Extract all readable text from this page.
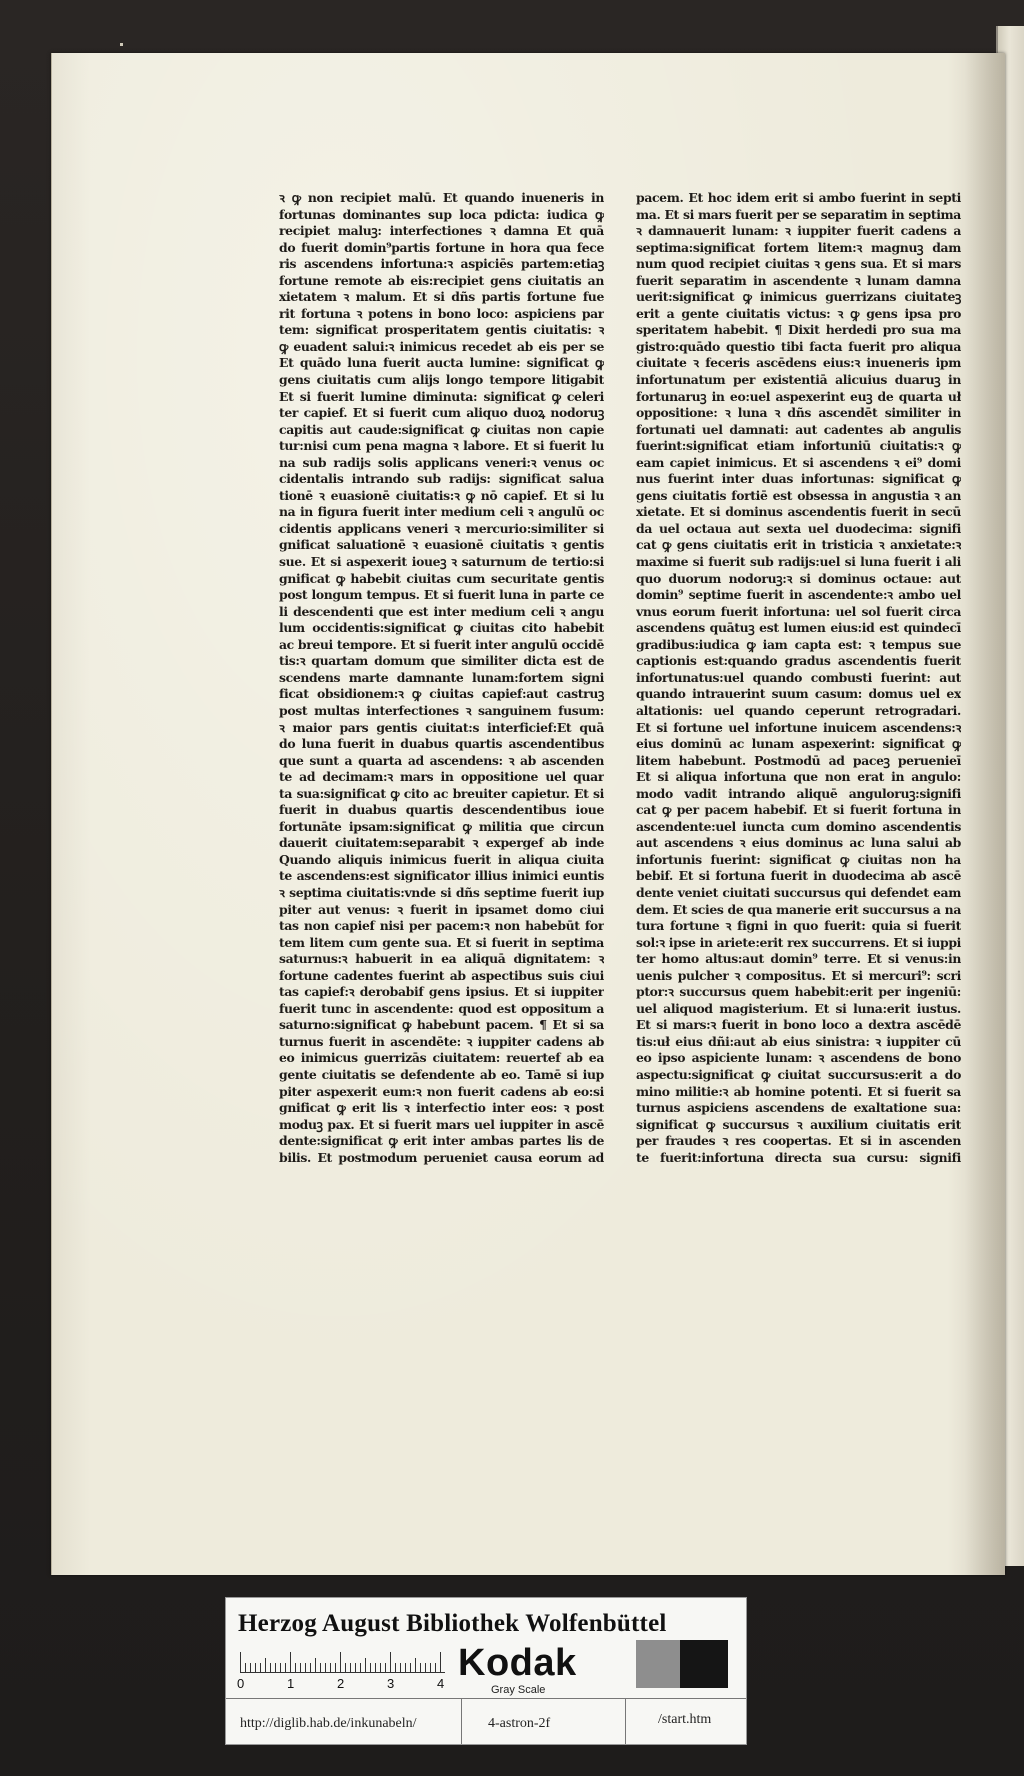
ꝛ ꝙ non recipiet malū. Et quando inueneris in
fortunas dominantes sup loca pdicta: iudica ꝙ
recipiet maluꝫ: interfectiones ꝛ damna Et quā
do fuerit domin⁹partis fortune in hora qua fece
ris ascendens infortuna:ꝛ aspiciēs partem:etiaꝫ
fortune remote ab eis:recipiet gens ciuitatis an
xietatem ꝛ malum. Et si dñs partis fortune fue
rit fortuna ꝛ potens in bono loco: aspiciens par
tem: significat prosperitatem gentis ciuitatis: ꝛ
ꝙ euadent salui:ꝛ inimicus recedet ab eis per se
Et quādo luna fuerit aucta lumine: significat ꝙ
gens ciuitatis cum alijs longo tempore litigabit
Et si fuerit lumine diminuta: significat ꝙ celeri
ter capief. Et si fuerit cum aliquo duoꝝ nodoruꝫ
capitis aut caude:significat ꝙ ciuitas non capie
tur:nisi cum pena magna ꝛ labore. Et si fuerit lu
na sub radijs solis applicans veneri:ꝛ venus oc
cidentalis intrando sub radijs: significat salua
tionē ꝛ euasionē ciuitatis:ꝛ ꝙ nō capief. Et si lu
na in figura fuerit inter medium celi ꝛ angulū oc
cidentis applicans veneri ꝛ mercurio:similiter si
gnificat saluationē ꝛ euasionē ciuitatis ꝛ gentis
sue. Et si aspexerit ioueꝫ ꝛ saturnum de tertio:si
gnificat ꝙ habebit ciuitas cum securitate gentis
post longum tempus. Et si fuerit luna in parte ce
li descendenti que est inter medium celi ꝛ angu
lum occidentis:significat ꝙ ciuitas cito habebit
ac breui tempore. Et si fuerit inter angulū occidē
tis:ꝛ quartam domum que similiter dicta est de
scendens marte damnante lunam:fortem signi
ficat obsidionem:ꝛ ꝙ ciuitas capief:aut castruꝫ
post multas interfectiones ꝛ sanguinem fusum:
ꝛ maior pars gentis ciuitat:s interficief:Et quā
do luna fuerit in duabus quartis ascendentibus
que sunt a quarta ad ascendens: ꝛ ab ascenden
te ad decimam:ꝛ mars in oppositione uel quar
ta sua:significat ꝙ cito ac breuiter capietur. Et si
fuerit in duabus quartis descendentibus ioue
fortunāte ipsam:significat ꝙ militia que circun
dauerit ciuitatem:separabit ꝛ expergef ab inde
Quando aliquis inimicus fuerit in aliqua ciuita
te ascendens:est significator illius inimici euntis
ꝛ septima ciuitatis:vnde si dñs septime fuerit iup
piter aut venus: ꝛ fuerit in ipsamet domo ciui
tas non capief nisi per pacem:ꝛ non habebūt for
tem litem cum gente sua. Et si fuerit in septima
saturnus:ꝛ habuerit in ea aliquā dignitatem: ꝛ
fortune cadentes fuerint ab aspectibus suis ciui
tas capief:ꝛ derobabif gens ipsius. Et si iuppiter
fuerit tunc in ascendente: quod est oppositum a
saturno:significat ꝙ habebunt pacem. ¶ Et si sa
turnus fuerit in ascendēte: ꝛ iuppiter cadens ab
eo inimicus guerrizās ciuitatem: reuertef ab ea
gente ciuitatis se defendente ab eo. Tamē si iup
piter aspexerit eum:ꝛ non fuerit cadens ab eo:si
gnificat ꝙ erit lis ꝛ interfectio inter eos: ꝛ post
moduꝫ pax. Et si fuerit mars uel iuppiter in ascē
dente:significat ꝙ erit inter ambas partes lis de
bilis. Et postmodum perueniet causa eorum ad
pacem. Et hoc idem erit si ambo fuerint in septi
ma. Et si mars fuerit per se separatim in septima
ꝛ damnauerit lunam: ꝛ iuppiter fuerit cadens a
septima:significat fortem litem:ꝛ magnuꝫ dam
num quod recipiet ciuitas ꝛ gens sua. Et si mars
fuerit separatim in ascendente ꝛ lunam damna
uerit:significat ꝙ inimicus guerrizans ciuitateꝫ
erit a gente ciuitatis victus: ꝛ ꝙ gens ipsa pro
speritatem habebit. ¶ Dixit herdedi pro sua ma
gistro:quādo questio tibi facta fuerit pro aliqua
ciuitate ꝛ feceris ascēdens eius:ꝛ inueneris ipm
infortunatum per existentiā alicuius duaruꝫ in
fortunaruꝫ in eo:uel aspexerint euꝫ de quarta uł
oppositione: ꝛ luna ꝛ dñs ascendēt similiter in
fortunati uel damnati: aut cadentes ab angulis
fuerint:significat etiam infortuniū ciuitatis:ꝛ ꝙ
eam capiet inimicus. Et si ascendens ꝛ ei⁹ domi
nus fuerint inter duas infortunas: significat ꝙ
gens ciuitatis fortiē est obsessa in angustia ꝛ an
xietate. Et si dominus ascendentis fuerit in secū
da uel octaua aut sexta uel duodecima: signifi
cat ꝙ gens ciuitatis erit in tristicia ꝛ anxietate:ꝛ
maxime si fuerit sub radijs:uel si luna fuerit i ali
quo duorum nodoruꝫ:ꝛ si dominus octaue: aut
domin⁹ septime fuerit in ascendente:ꝛ ambo uel
vnus eorum fuerit infortuna: uel sol fuerit circa
ascendens quātuꝫ est lumen eius:id est quindecī
gradibus:iudica ꝙ iam capta est: ꝛ tempus sue
captionis est:quando gradus ascendentis fuerit
infortunatus:uel quando combusti fuerint: aut
quando intrauerint suum casum: domus uel ex
altationis: uel quando ceperunt retrogradari.
Et si fortune uel infortune inuicem ascendens:ꝛ
eius dominū ac lunam aspexerint: significat ꝙ
litem habebunt. Postmodū ad paceꝫ peruenieī
Et si aliqua infortuna que non erat in angulo:
modo vadit intrando aliquē anguloruꝫ:signifi
cat ꝙ per pacem habebif. Et si fuerit fortuna in
ascendente:uel iuncta cum domino ascendentis
aut ascendens ꝛ eius dominus ac luna salui ab
infortunis fuerint: significat ꝙ ciuitas non ha
bebif. Et si fortuna fuerit in duodecima ab ascē
dente veniet ciuitati succursus qui defendet eam
dem. Et scies de qua manerie erit succursus a na
tura fortune ꝛ figni in quo fuerit: quia si fuerit
sol:ꝛ ipse in ariete:erit rex succurrens. Et si iuppi
ter homo altus:aut domin⁹ terre. Et si venus:in
uenis pulcher ꝛ compositus. Et si mercuri⁹: scri
ptor:ꝛ succursus quem habebit:erit per ingeniū:
uel aliquod magisterium. Et si luna:erit iustus.
Et si mars:ꝛ fuerit in bono loco a dextra ascēdē
tis:uł eius dñi:aut ab eius sinistra: ꝛ iuppiter cū
eo ipso aspiciente lunam: ꝛ ascendens de bono
aspectu:significat ꝙ ciuitat succursus:erit a do
mino militie:ꝛ ab homine potenti. Et si fuerit sa
turnus aspiciens ascendens de exaltatione sua:
significat ꝙ succursus ꝛ auxilium ciuitatis erit
per fraudes ꝛ res coopertas. Et si in ascenden
te fuerit:infortuna directa sua cursu: signifi
Herzog August Bibliothek Wolfenbüttel
0	1	2	3	4 Kodak
Gray Scale
http://diglib.hab.de/inkunabeln/	4-astron-2f	/start.htm
